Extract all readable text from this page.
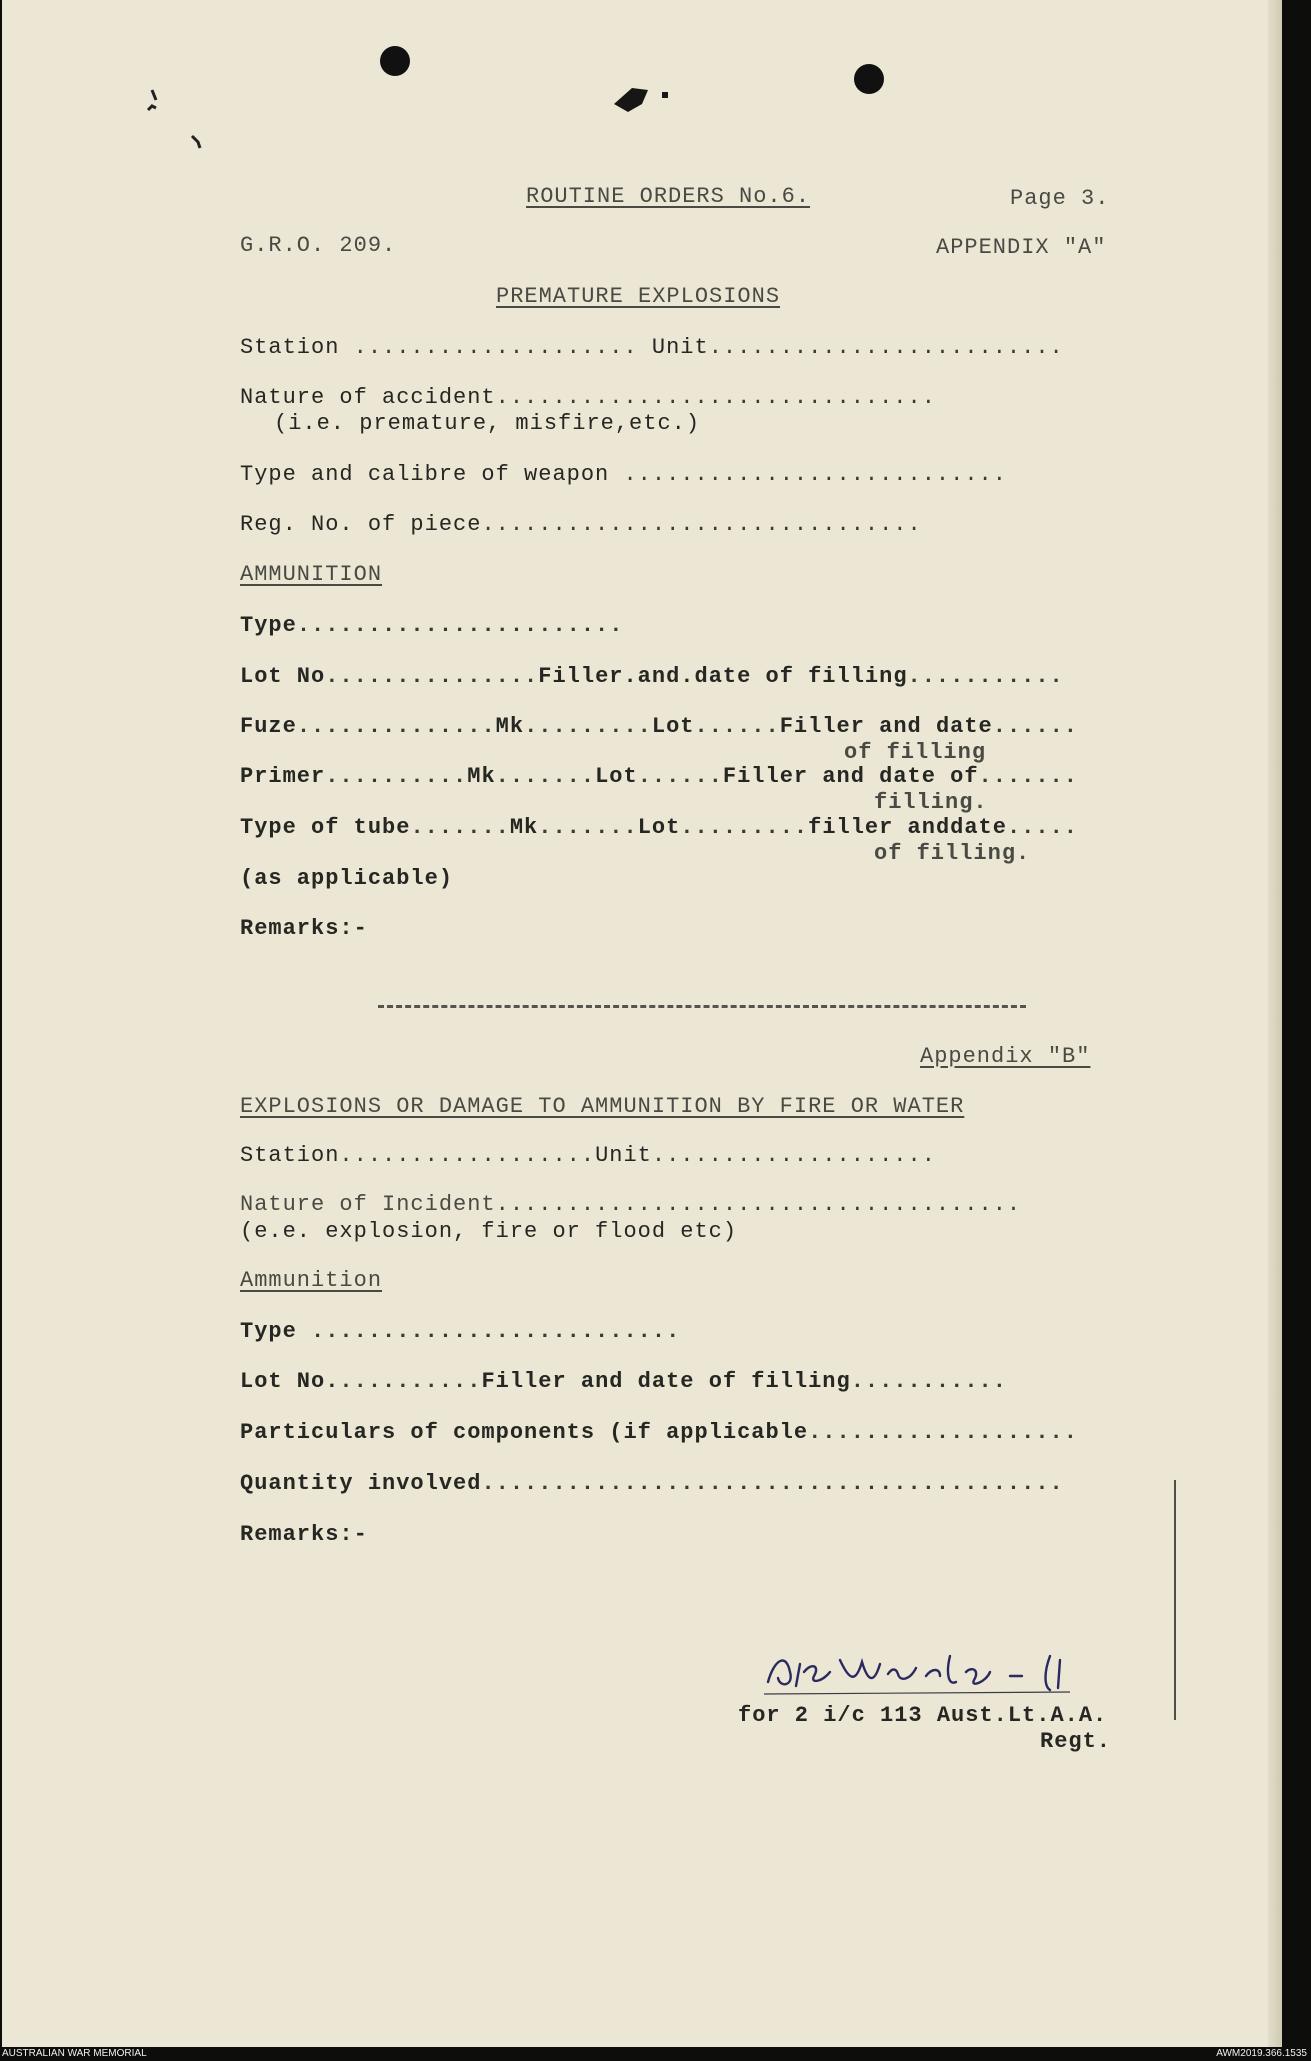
ROUTINE ORDERS No.6.	Page 3.
G.R.O. 209.	APPENDIX "A"
PREMATURE EXPLOSIONS
Station .................... Unit.........................
Nature of accident...............................
(i.e. premature, misfire,etc.)
Type and calibre of weapon ...........................
Reg. No. of piece...............................
AMMUNITION
Type.......................
Lot No...............Filler.and.date of filling...........
Fuze..............Mk.........Lot......Filler and date......
of filling
Primer..........Mk.......Lot......Filler and date of.......
filling.
Type of tube.......Mk.......Lot.........filler anddate.....
of filling.
(as applicable)
Remarks:-
Appendix "B"
EXPLOSIONS OR DAMAGE TO AMMUNITION BY FIRE OR WATER
Station..................Unit....................
Nature of Incident.....................................
(e.e. explosion, fire or flood etc)
Ammunition
Type ..........................
Lot No...........Filler and date of filling...........
Particulars of components (if applicable...................
Quantity involved.........................................
Remarks:-
for 2 i/c 113 Aust.Lt.A.A.
Regt.
AUSTRALIAN WAR MEMORIAL	AWM2019.366.1535
